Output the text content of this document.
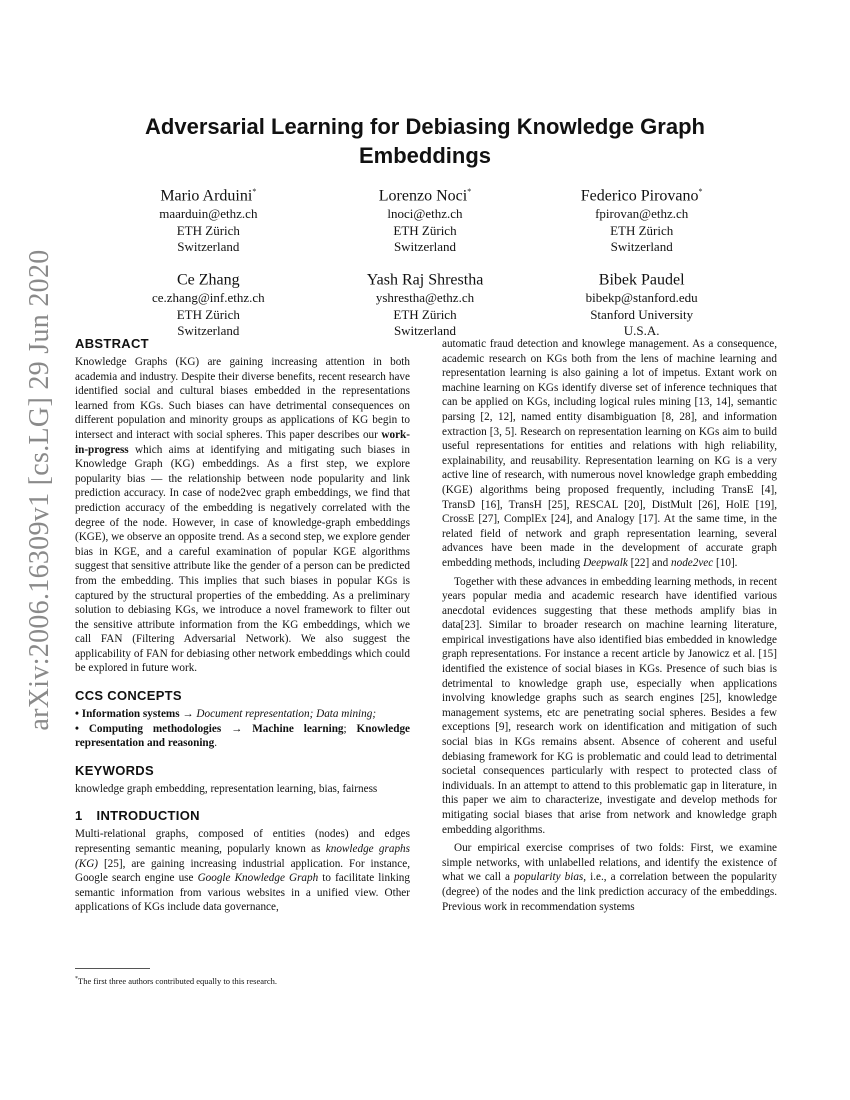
arXiv:2006.16309v1 [cs.LG] 29 Jun 2020
Adversarial Learning for Debiasing Knowledge Graph Embeddings
Mario Arduini*
maarduin@ethz.ch
ETH Zürich
Switzerland
Lorenzo Noci*
lnoci@ethz.ch
ETH Zürich
Switzerland
Federico Pirovano*
fpirovan@ethz.ch
ETH Zürich
Switzerland
Ce Zhang
ce.zhang@inf.ethz.ch
ETH Zürich
Switzerland
Yash Raj Shrestha
yshrestha@ethz.ch
ETH Zürich
Switzerland
Bibek Paudel
bibekp@stanford.edu
Stanford University
U.S.A.
ABSTRACT

Knowledge Graphs (KG) are gaining increasing attention in both academia and industry. Despite their diverse benefits, recent research have identified social and cultural biases embedded in the representations learned from KGs. Such biases can have detrimental consequences on different population and minority groups as applications of KG begin to intersect and interact with social spheres. This paper describes our work-in-progress which aims at identifying and mitigating such biases in Knowledge Graph (KG) embeddings. As a first step, we explore popularity bias — the relationship between node popularity and link prediction accuracy. In case of node2vec graph embeddings, we find that prediction accuracy of the embedding is negatively correlated with the degree of the node. However, in case of knowledge-graph embeddings (KGE), we observe an opposite trend. As a second step, we explore gender bias in KGE, and a careful examination of popular KGE algorithms suggest that sensitive attribute like the gender of a person can be predicted from the embedding. This implies that such biases in popular KGs is captured by the structural properties of the embedding. As a preliminary solution to debiasing KGs, we introduce a novel framework to filter out the sensitive attribute information from the KG embeddings, which we call FAN (Filtering Adversarial Network). We also suggest the applicability of FAN for debiasing other network embeddings which could be explored in future work.

CCS CONCEPTS

• Information systems → Document representation; Data mining;
• Computing methodologies → Machine learning; Knowledge representation and reasoning.

KEYWORDS

knowledge graph embedding, representation learning, bias, fairness

1 INTRODUCTION

Multi-relational graphs, composed of entities (nodes) and edges representing semantic meaning, popularly known as knowledge graphs (KG) [25], are gaining increasing industrial application. For instance, Google search engine use Google Knowledge Graph to facilitate linking semantic information from various websites in a unified view. Other applications of KGs include data governance,

*The first three authors contributed equally to this research.

automatic fraud detection and knowlege management. As a consequence, academic research on KGs both from the lens of machine learning and representation learning is also gaining a lot of impetus. Extant work on machine learning on KGs identify diverse set of inference techniques that can be applied on KGs, including logical rules mining [13, 14], semantic parsing [2, 12], named entity disambiguation [8, 28], and information extraction [3, 5]. Research on representation learning on KGs aim to build useful representations for entities and relations with high reliability, explainability, and reusability. Representation learning on KG is a very active line of research, with numerous novel knowledge graph embedding (KGE) algorithms being proposed frequently, including TransE [4], TransD [16], TransH [25], RESCAL [20], DistMult [26], HolE [19], CrossE [27], ComplEx [24], and Analogy [17]. At the same time, in the related field of network and graph representation learning, several advances have been made in the development of accurate graph embedding methods, including Deepwalk [22] and node2vec [10].

Together with these advances in embedding learning methods, in recent years popular media and academic research have identified various anecdotal evidences suggesting that these methods amplify bias in data[23]. Similar to broader research on machine learning literature, empirical investigations have also identified bias embedded in knowledge graph representations. For instance a recent article by Janowicz et al. [15] identified the existence of social biases in KGs. Presence of such bias is detrimental to knowledge graph use, especially when applications involving knowledge graphs such as search engines [25], knowledge management systems, etc are penetrating social spheres. Besides a few exceptions [9], research work on identification and mitigation of such social bias in KGs remains absent. Absence of coherent and useful debiasing framework for KG is problematic and could lead to detrimental societal consequences particularly with respect to protected class of individuals. In an attempt to attend to this problematic gap in literature, in this paper we aim to characterize, investigate and develop methods for mitigating social biases that arise from network and knowledge graph embedding algorithms.

Our empirical exercise comprises of two folds: First, we examine simple networks, with unlabelled relations, and identify the existence of what we call a popularity bias, i.e., a correlation between the popularity (degree) of the nodes and the link prediction accuracy of the embeddings. Previous work in recommendation systems
